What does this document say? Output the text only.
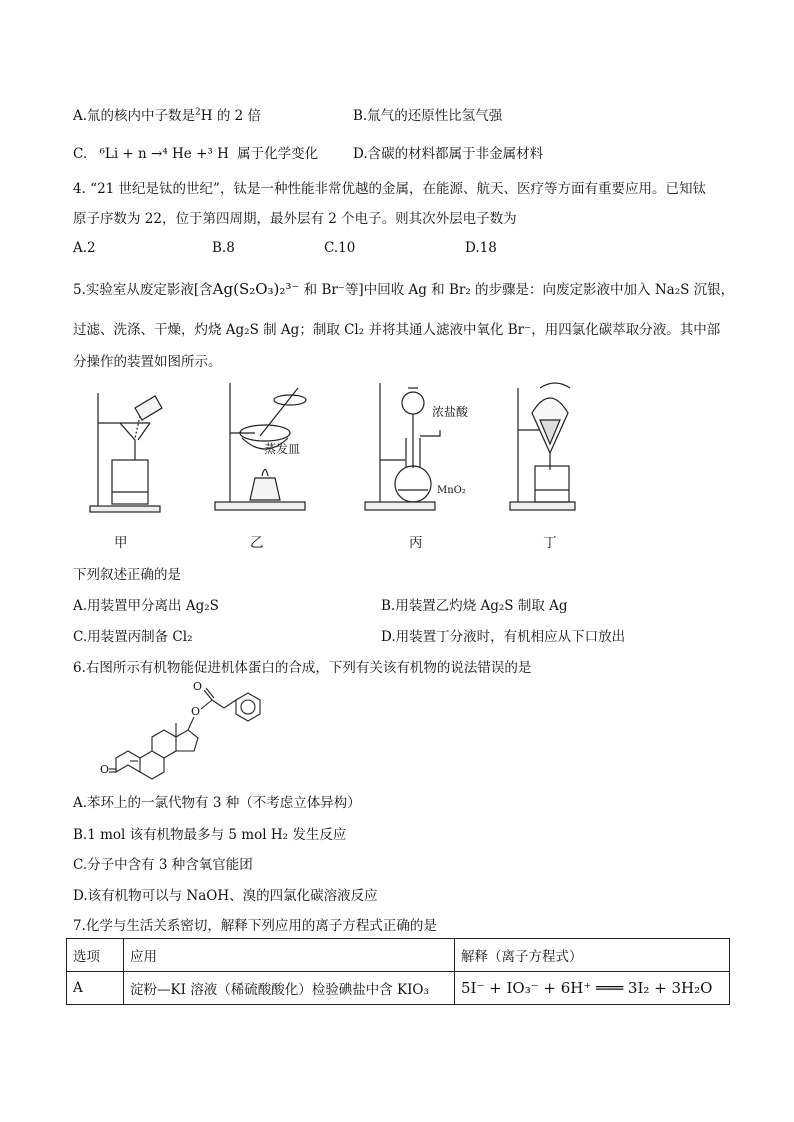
A.氚的核内中子数是$^2$H 的 2 倍	B.氚气的还原性比氢气强
C. ⁶Li + n →⁴ He +³ H 属于化学变化	D.含碳的材料都属于非金属材料
4. “21 世纪是钛的世纪”，钛是一种性能非常优越的金属，在能源、航天、医疗等方面有重要应用。已知钛
原子序数为 22，位于第四周期，最外层有 2 个电子。则其次外层电子数为
A.2	B.8	C.10	D.18
5.实验室从废定影液[含Ag(S₂O₃)₂³⁻ 和 Br⁻等]中回收 Ag 和 Br₂ 的步骤是：向废定影液中加入 Na₂S 沉银，
过滤、洗涤、干燥，灼烧 Ag₂S 制 Ag；制取 Cl₂ 并将其通人滤液中氧化 Br⁻，用四氯化碳萃取分液。其中部
分操作的装置如图所示。
蒸发皿
浓盐酸
MnO₂
甲	乙	丙	丁
下列叙述正确的是
A.用装置甲分离出 Ag₂S	B.用装置乙灼烧 Ag₂S 制取 Ag
C.用装置丙制备 Cl₂	D.用装置丁分液时，有机相应从下口放出
6.右图所示有机物能促进机体蛋白的合成，下列有关该有机物的说法错误的是
O
O
O
A.苯环上的一氯代物有 3 种（不考虑立体异构）
B.1 mol 该有机物最多与 5 mol H₂ 发生反应
C.分子中含有 3 种含氧官能团
D.该有机物可以与 NaOH、溴的四氯化碳溶液反应
7.化学与生活关系密切，解释下列应用的离子方程式正确的是
选项	应用	解释（离子方程式）
A	淀粉—KI 溶液（稀硫酸酸化）检验碘盐中含 KIO₃	5I⁻ + IO₃⁻ + 6H⁺ ═══ 3I₂ + 3H₂O
